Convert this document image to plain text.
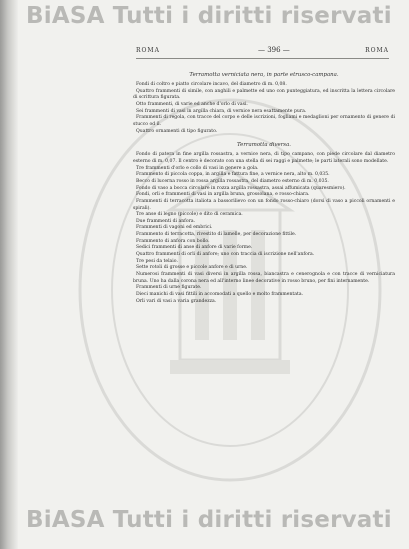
BiASA Tutti i diritti riservati
ROMA	— 396 —	ROMA

Terramotta verniciata nera, in parte etrusco-campana.

Fondi di coltro e piatto circolare incavo, del diametro di m. 0,08.

Quattro frammenti di simile, con anghili e palmette ed uno con punteggiatura, ed inscritta la lettera circolare di scrittura figurata.

Otto frammenti, di varie ed anche d'orlo di vasi.

Sei frammenti di vasi in argilla chiara, di vernice nera esattamente pura.

Frammenti di regola, con tracce del corpo e delle iscrizioni, fogliami e medaglioni per ornamento di genere di stucco od il.

Quattro ornamenti di tipo figurato.

Terramotta diversa.

Fondo di patera in fine argilla rossastra, a vernice nera, di tipo campano, con piede circolare dal diametro esterno di m. 0,07. Il centro è decorato con una stella di sei raggi e palmette; le parti laterali sono modellate.

Tre frammenti d'orlo e collo di vasi in genere a gola.

Frammento di piccola coppa, in argilla e fattura fine, a vernice nera, alto m. 0,035.

Becco di lucerna rosso in rossa argilla rossastra, del diametro esterno di m. 0,035.

Fondo di vaso a bocca circolare in rozza argilla rossastra, assai affumicata (quaresmiero).

Fondi, orli e frammenti di vasi in argilla bruna, grossolana, e rosso-chiara.

Frammenti di terracotta italiota a bassorilievo con un fondo rosso-chiaro (dorsi di vaso a piccoli ornamenti e spirali).

Tre anse di legno (piccole) e dito di ceramica.

Due frammenti di anfora.

Frammenti di vagoni ed embrici.

Frammento di terracotta, rivestito di lamelle, per decorazione fittile.

Frammento di anfora con bollo.

Sedici frammenti di anse di anfore di varie forme.

Quattro frammenti di orli di anfore; uno con traccia di iscrizione nell'anfora.

Tre pesi da telaio.

Sette rotoli di grosse e piccole anfore e di urne.

Numerosi frammenti di vasi diversi in argilla rossa, biancastra e cenerognola e con tracce di verniciatura bruna. Uno ha dalla corona nera ed all'interno linee decorative in rosso bruno, per fini internamente.

Frammenti di urne figurate.

Dieci manichi di vasi fittili in accomodati a quello e molto frammentata.

Orli vari di vasi a varia grandezza.

BiASA Tutti i diritti riservati
